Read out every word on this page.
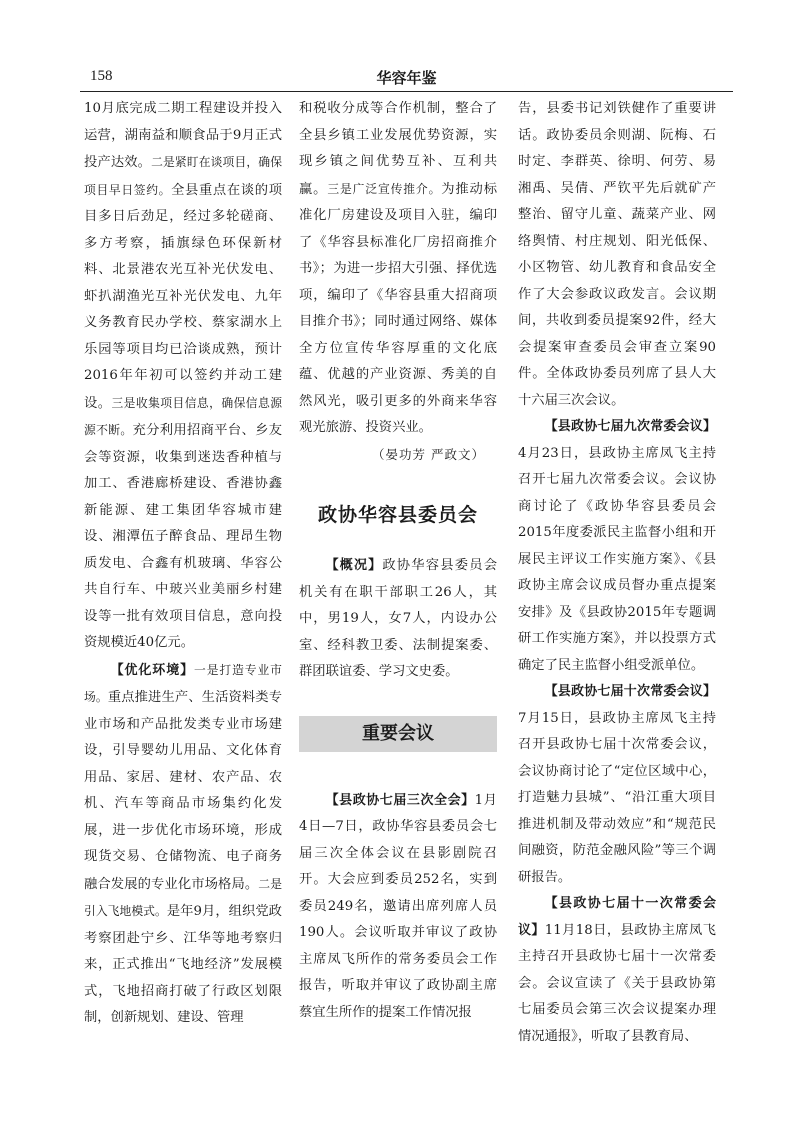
158	华容年鉴

10月底完成二期工程建设并投入运营，湖南益和顺食品于9月正式投产达效。二是紧盯在谈项目，确保项目早日签约。全县重点在谈的项目多日后劲足，经过多轮磋商、多方考察，插旗绿色环保新材料、北景港农光互补光伏发电、虾扒湖渔光互补光伏发电、九年义务教育民办学校、蔡家湖水上乐园等项目均已洽谈成熟，预计2016年年初可以签约并动工建设。三是收集项目信息，确保信息源源不断。充分利用招商平台、乡友会等资源，收集到迷迭香种植与加工、香港廊桥建设、香港协鑫新能源、建工集团华容城市建设、湘潭伍子醉食品、理昂生物质发电、合鑫有机玻璃、华容公共自行车、中玻兴业美丽乡村建设等一批有效项目信息，意向投资规模近40亿元。

【优化环境】一是打造专业市场。重点推进生产、生活资料类专业市场和产品批发类专业市场建设，引导婴幼儿用品、文化体育用品、家居、建材、农产品、农机、汽车等商品市场集约化发展，进一步优化市场环境，形成现货交易、仓储物流、电子商务融合发展的专业化市场格局。二是引入飞地模式。是年9月，组织党政考察团赴宁乡、江华等地考察归来，正式推出“飞地经济”发展模式，飞地招商打破了行政区划限制，创新规划、建设、管理

和税收分成等合作机制，整合了全县乡镇工业发展优势资源，实现乡镇之间优势互补、互利共赢。三是广泛宣传推介。为推动标准化厂房建设及项目入驻，编印了《华容县标准化厂房招商推介书》；为进一步招大引强、择优选项，编印了《华容县重大招商项目推介书》；同时通过网络、媒体全方位宣传华容厚重的文化底蕴、优越的产业资源、秀美的自然风光，吸引更多的外商来华容观光旅游、投资兴业。

（晏功芳 严政文）

政协华容县委员会

【概况】政协华容县委员会机关有在职干部职工26人，其中，男19人，女7人，内设办公室、经科教卫委、法制提案委、群团联谊委、学习文史委。

重要会议

【县政协七届三次全会】1月4日—7日，政协华容县委员会七届三次全体会议在县影剧院召开。大会应到委员252名，实到委员249名，邀请出席列席人员190人。会议听取并审议了政协主席凤飞所作的常务委员会工作报告，听取并审议了政协副主席蔡宜生所作的提案工作情况报

告，县委书记刘铁健作了重要讲话。政协委员余则湖、阮梅、石时定、李群英、徐明、何劳、易湘禹、吴倩、严钦平先后就矿产整治、留守儿童、蔬菜产业、网络舆情、村庄规划、阳光低保、小区物管、幼儿教育和食品安全作了大会参政议政发言。会议期间，共收到委员提案92件，经大会提案审查委员会审查立案90件。全体政协委员列席了县人大十六届三次会议。

【县政协七届九次常委会议】4月23日，县政协主席凤飞主持召开七届九次常委会议。会议协商讨论了《政协华容县委员会2015年度委派民主监督小组和开展民主评议工作实施方案》、《县政协主席会议成员督办重点提案安排》及《县政协2015年专题调研工作实施方案》，并以投票方式确定了民主监督小组受派单位。

【县政协七届十次常委会议】7月15日，县政协主席凤飞主持召开县政协七届十次常委会议，会议协商讨论了“定位区域中心，打造魅力县城”、“沿江重大项目推进机制及带动效应”和“规范民间融资，防范金融风险”等三个调研报告。

【县政协七届十一次常委会议】11月18日，县政协主席凤飞主持召开县政协七届十一次常委会。会议宣读了《关于县政协第七届委员会第三次会议提案办理情况通报》，听取了县教育局、
